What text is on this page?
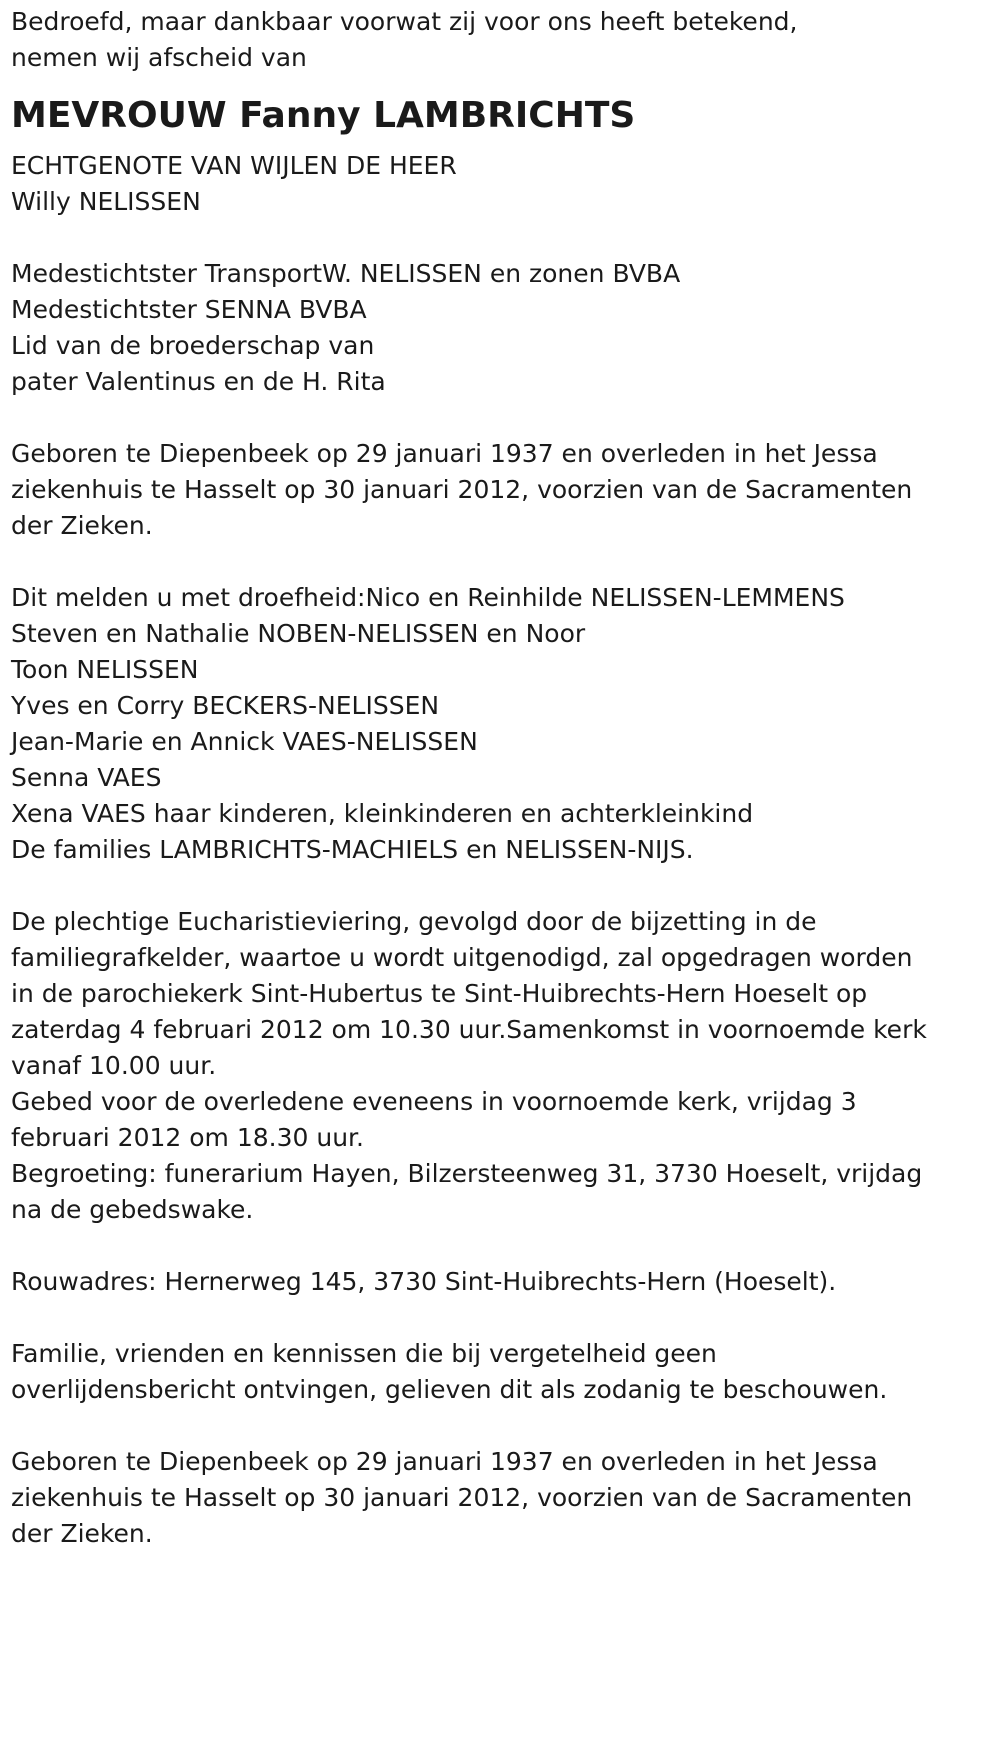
Bedroefd, maar dankbaar voorwat zij voor ons heeft betekend,
nemen wij afscheid van
MEVROUW Fanny LAMBRICHTS
ECHTGENOTE VAN WIJLEN DE HEER
Willy NELISSEN
Medestichtster TransportW. NELISSEN en zonen BVBA
Medestichtster SENNA BVBA
Lid van de broederschap van
pater Valentinus en de H. Rita
Geboren te Diepenbeek op 29 januari 1937 en overleden in het Jessa
ziekenhuis te Hasselt op 30 januari 2012, voorzien van de Sacramenten
der Zieken.
Dit melden u met droefheid:Nico en Reinhilde NELISSEN-LEMMENS
Steven en Nathalie NOBEN-NELISSEN en Noor
Toon NELISSEN
Yves en Corry BECKERS-NELISSEN
Jean-Marie en Annick VAES-NELISSEN
Senna VAES
Xena VAES haar kinderen, kleinkinderen en achterkleinkind
De families LAMBRICHTS-MACHIELS en NELISSEN-NIJS.
De plechtige Eucharistieviering, gevolgd door de bijzetting in de
familiegrafkelder, waartoe u wordt uitgenodigd, zal opgedragen worden
in de parochiekerk Sint-Hubertus te Sint-Huibrechts-Hern Hoeselt op
zaterdag 4 februari 2012 om 10.30 uur.Samenkomst in voornoemde kerk
vanaf 10.00 uur.
Gebed voor de overledene eveneens in voornoemde kerk, vrijdag 3
februari 2012 om 18.30 uur.
Begroeting: funerarium Hayen, Bilzersteenweg 31, 3730 Hoeselt, vrijdag
na de gebedswake.
Rouwadres: Hernerweg 145, 3730 Sint-Huibrechts-Hern (Hoeselt).
Familie, vrienden en kennissen die bij vergetelheid geen
overlijdensbericht ontvingen, gelieven dit als zodanig te beschouwen.
Geboren te Diepenbeek op 29 januari 1937 en overleden in het Jessa
ziekenhuis te Hasselt op 30 januari 2012, voorzien van de Sacramenten
der Zieken.
